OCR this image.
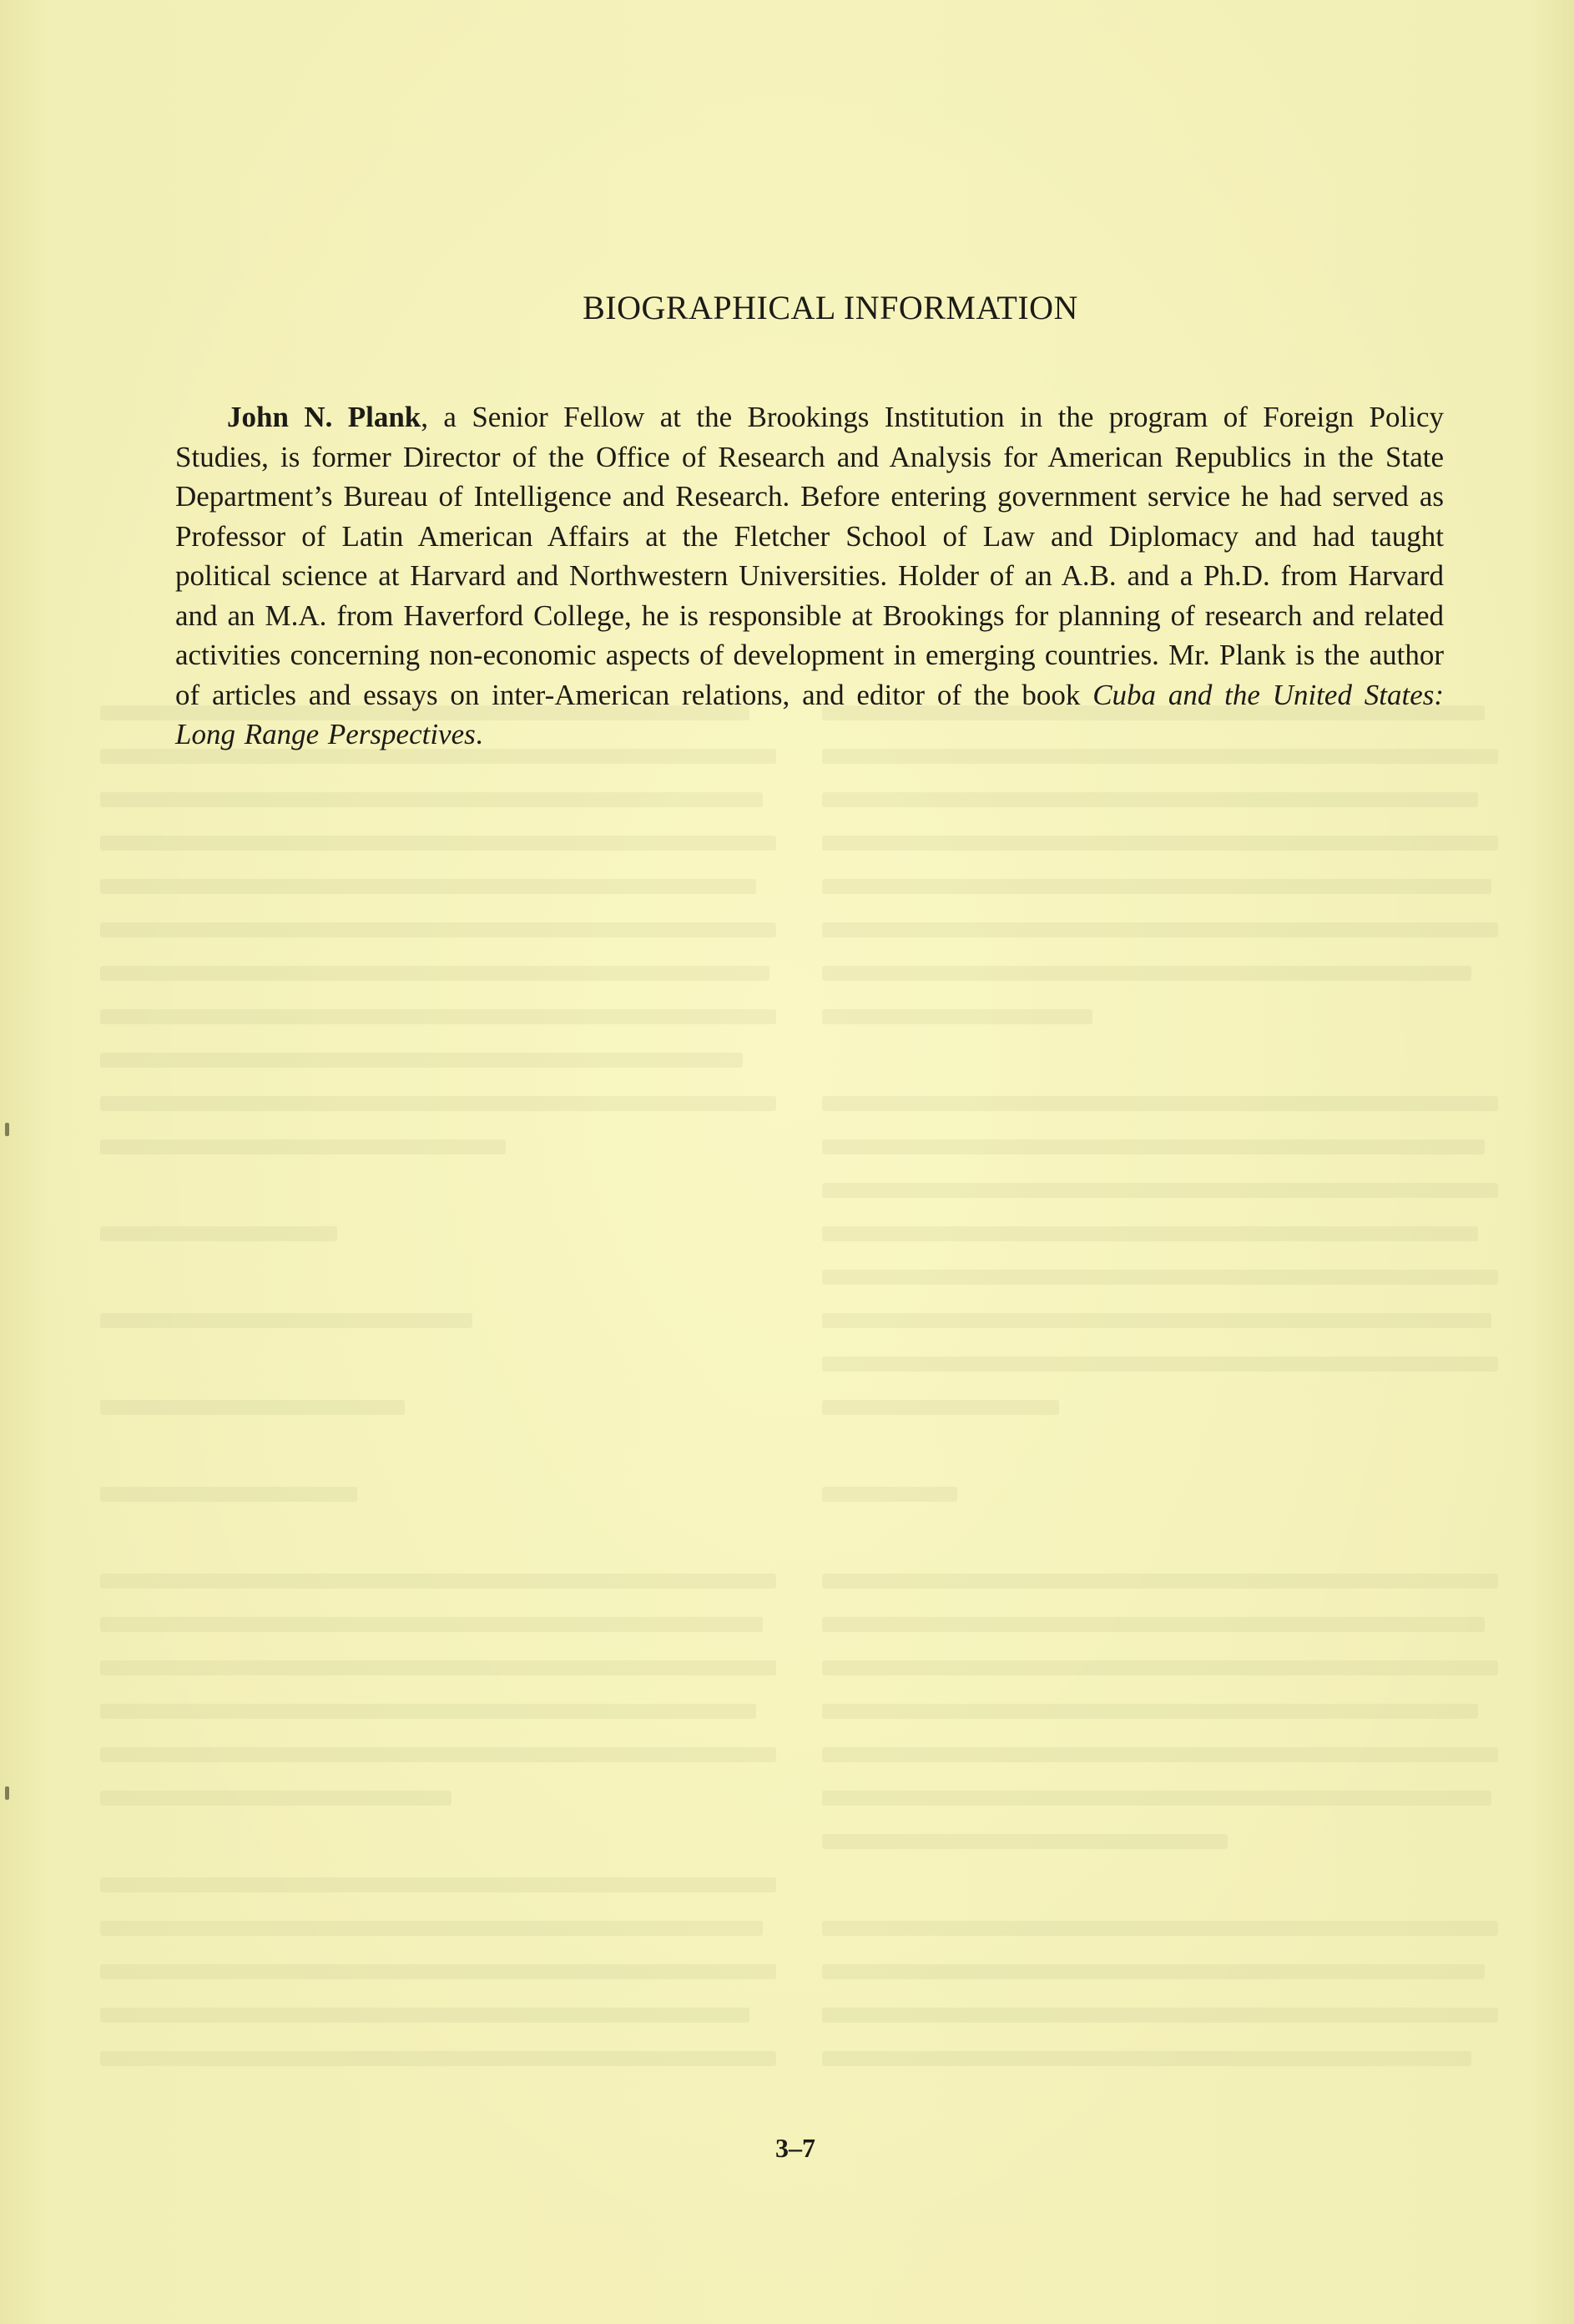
BIOGRAPHICAL INFORMATION

John N. Plank, a Senior Fellow at the Brookings Institution in the program of Foreign Policy Studies, is former Director of the Office of Research and Analysis for American Republics in the State Department’s Bureau of Intelligence and Research. Before entering government service he had served as Professor of Latin American Affairs at the Fletcher School of Law and Diplomacy and had taught political science at Harvard and Northwestern Universities. Holder of an A.B. and a Ph.D. from Harvard and an M.A. from Haverford College, he is responsible at Brookings for planning of research and related activities concerning non-economic aspects of development in emerging countries. Mr. Plank is the author of articles and essays on inter-American relations, and editor of the book Cuba and the United States: Long Range Perspectives.

3–7
